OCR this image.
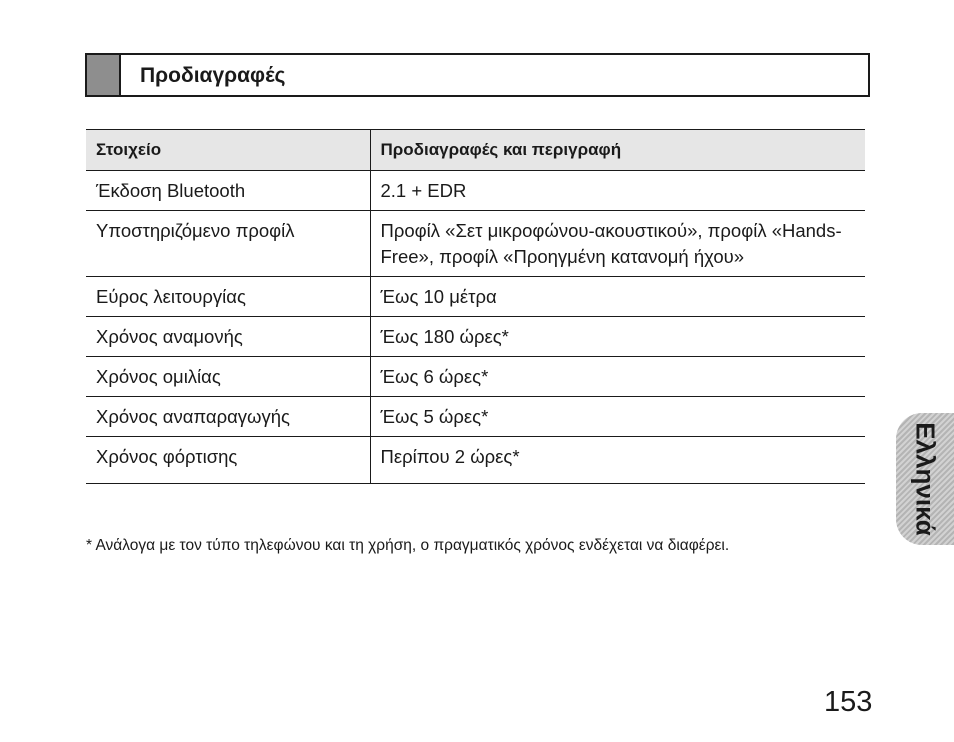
Προδιαγραφές
Στοιχείο	Προδιαγραφές και περιγραφή
Έκδοση Bluetooth	2.1 + EDR
Υποστηριζόμενο προφίλ	Προφίλ «Σετ μικροφώνου-ακουστικού», προφίλ «Hands-Free», προφίλ «Προηγμένη κατανομή ήχου»
Εύρος λειτουργίας	Έως 10 μέτρα
Χρόνος αναμονής	Έως 180 ώρες*
Χρόνος ομιλίας	Έως 6 ώρες*
Χρόνος αναπαραγωγής	Έως 5 ώρες*
Χρόνος φόρτισης	Περίπου 2 ώρες*
* Ανάλογα με τον τύπο τηλεφώνου και τη χρήση, ο πραγματικός χρόνος ενδέχεται να διαφέρει.
Ελληνικά
153
